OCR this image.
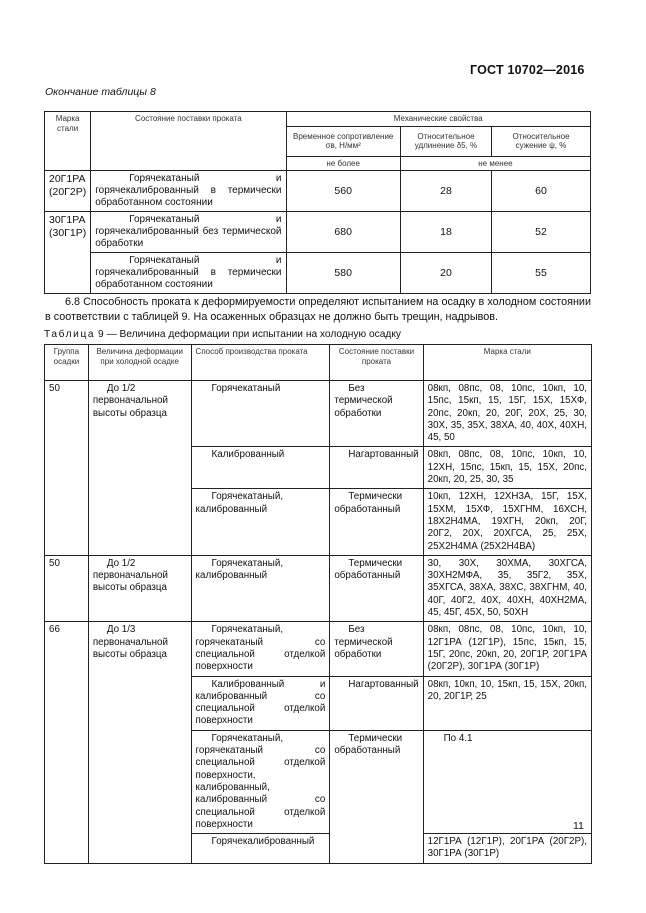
ГОСТ 10702—2016
Окончание таблицы 8
Марка стали	Состояние поставки проката	Механические свойства		
		Временное сопротивление σв, Н/мм²	Относительное удлинение δ5, %	Относительное сужение ψ, %
		не более	не менее	
20Г1РА (20Г2Р)	Горячекатаный и горячекалиброванный в термически обработанном состоянии	560	28	60
30Г1РА (30Г1Р)	Горячекатаный и горячекалиброванный без термической обработки	680	18	52
	Горячекатаный и горячекалиброванный в термически обработанном состоянии	580	20	55
6.8 Способность проката к деформируемости определяют испытанием на осадку в холодном состоянии в соответствии с таблицей 9. На осаженных образцах не должно быть трещин, надрывов.
Таблица 9 — Величина деформации при испытании на холодную осадку
Группа осадки	Величина деформации при холодной осадке	Способ производства проката	Состояние поставки проката	Марка стали
50	До 1/2 первоначальной высоты образца	Горячекатаный	Без термической обработки	08кп, 08пс, 08, 10пс, 10кп, 10, 15пс, 15кп, 15, 15Г, 15Х, 15ХФ, 20пс, 20кп, 20, 20Г, 20Х, 25, 30, 30Х, 35, 35Х, 38ХА, 40, 40Х, 40ХН, 45, 50
		Калиброванный	Нагартованный	08кп, 08пс, 08, 10пс, 10кп, 10, 12ХН, 15пс, 15кп, 15, 15Х, 20пс, 20кп, 20, 25, 30, 35
		Горячекатаный, калиброванный	Термически обработанный	10кп, 12ХН, 12ХН3А, 15Г, 15Х, 15ХМ, 15ХФ, 15ХГНМ, 16ХСН, 18Х2Н4МА, 19ХГН, 20кп, 20Г, 20Г2, 20Х, 20ХГСА, 25, 25Х, 25Х2Н4МА (25Х2Н4ВА)
50	До 1/2 первоначальной высоты образца	Горячекатаный, калиброванный	Термически обработанный	30, 30Х, 30ХМА, 30ХГСА, 30ХН2МФА, 35, 35Г2, 35Х, 35ХГСА, 38ХА, 38ХС, 38ХГНМ, 40, 40Г, 40Г2, 40Х, 40ХН, 40ХН2МА, 45, 45Г, 45Х, 50, 50ХН
66	До 1/3 первоначальной высоты образца	Горячекатаный, горячекатаный со специальной отделкой поверхности	Без термической обработки	08кп, 08пс, 08, 10пс, 10кп, 10, 12Г1РА (12Г1Р), 15пс, 15кп, 15, 15Г, 20пс, 20кп, 20, 20Г1Р, 20Г1РА (20Г2Р), 30Г1РА (30Г1Р)
		Калиброванный и калиброванный со специальной отделкой поверхности	Нагартованный	08кп, 10кп, 10, 15кп, 15, 15Х, 20кп, 20, 20Г1Р, 25
		Горячекатаный, горячекатаный со специальной отделкой поверхности, калиброванный, калиброванный со специальной отделкой поверхности	Термически обработанный	По 4.1
		Горячекалиброванный		12Г1РА (12Г1Р), 20Г1РА (20Г2Р), 30Г1РА (30Г1Р)
11
